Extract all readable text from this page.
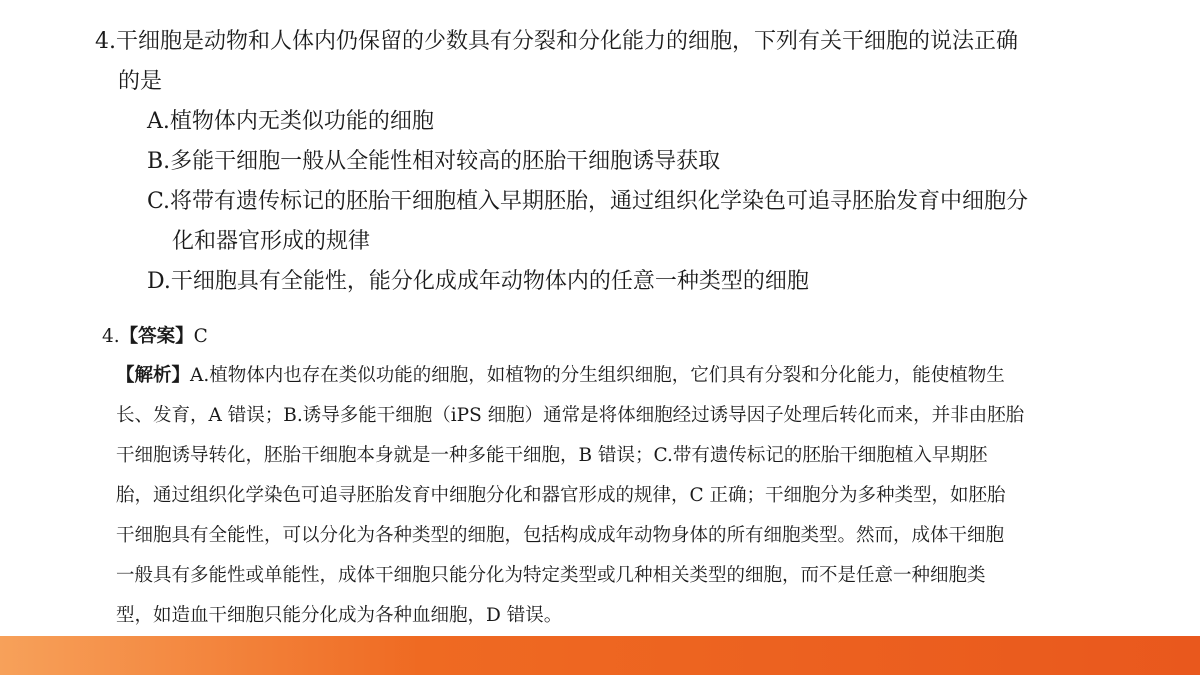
4.干细胞是动物和人体内仍保留的少数具有分裂和分化能力的细胞，下列有关干细胞的说法正确
的是
A.植物体内无类似功能的细胞
B.多能干细胞一般从全能性相对较高的胚胎干细胞诱导获取
C.将带有遗传标记的胚胎干细胞植入早期胚胎，通过组织化学染色可追寻胚胎发育中细胞分
化和器官形成的规律
D.干细胞具有全能性，能分化成成年动物体内的任意一种类型的细胞
4.【答案】C
【解析】A.植物体内也存在类似功能的细胞，如植物的分生组织细胞，它们具有分裂和分化能力，能使植物生
长、发育，A 错误；B.诱导多能干细胞（iPS 细胞）通常是将体细胞经过诱导因子处理后转化而来，并非由胚胎
干细胞诱导转化，胚胎干细胞本身就是一种多能干细胞，B 错误；C.带有遗传标记的胚胎干细胞植入早期胚
胎，通过组织化学染色可追寻胚胎发育中细胞分化和器官形成的规律，C 正确；干细胞分为多种类型，如胚胎
干细胞具有全能性，可以分化为各种类型的细胞，包括构成成年动物身体的所有细胞类型。然而，成体干细胞
一般具有多能性或单能性，成体干细胞只能分化为特定类型或几种相关类型的细胞，而不是任意一种细胞类
型，如造血干细胞只能分化成为各种血细胞，D 错误。
